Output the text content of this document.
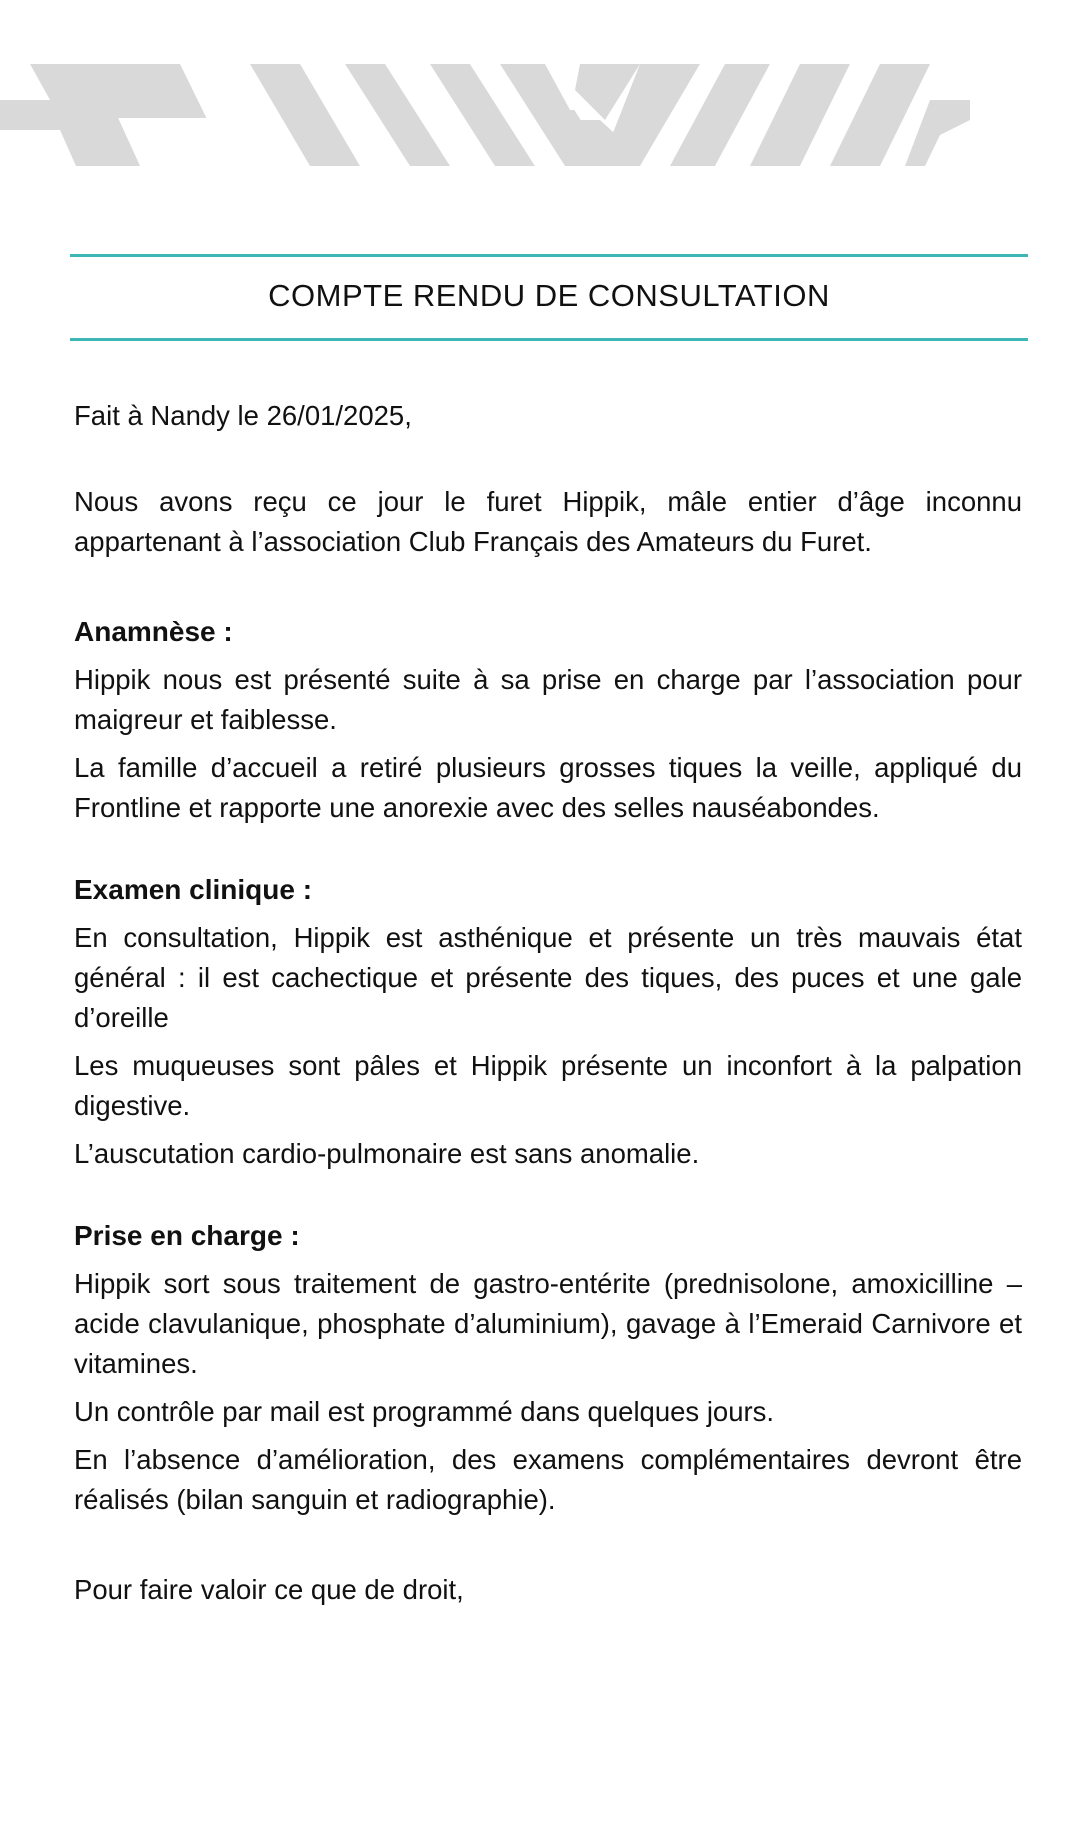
COMPTE RENDU DE CONSULTATION

Fait à Nandy le 26/01/2025,

Nous avons reçu ce jour le furet Hippik, mâle entier d’âge inconnu appartenant à l’association Club Français des Amateurs du Furet.

Anamnèse :

Hippik nous est présenté suite à sa prise en charge par l’association pour maigreur et faiblesse.

La famille d’accueil a retiré plusieurs grosses tiques la veille, appliqué du Frontline et rapporte une anorexie avec des selles nauséabondes.

Examen clinique :

En consultation, Hippik est asthénique et présente un très mauvais état général : il est cachectique et présente des tiques, des puces et une gale d’oreille

Les muqueuses sont pâles et Hippik présente un inconfort à la palpation digestive.

L’auscutation cardio-pulmonaire est sans anomalie.

Prise en charge :

Hippik sort sous traitement de gastro-entérite (prednisolone, amoxicilline – acide clavulanique, phosphate d’aluminium), gavage à l’Emeraid Carnivore et vitamines.

Un contrôle par mail est programmé dans quelques jours.

En l’absence d’amélioration, des examens complémentaires devront être réalisés (bilan sanguin et radiographie).

Pour faire valoir ce que de droit,
